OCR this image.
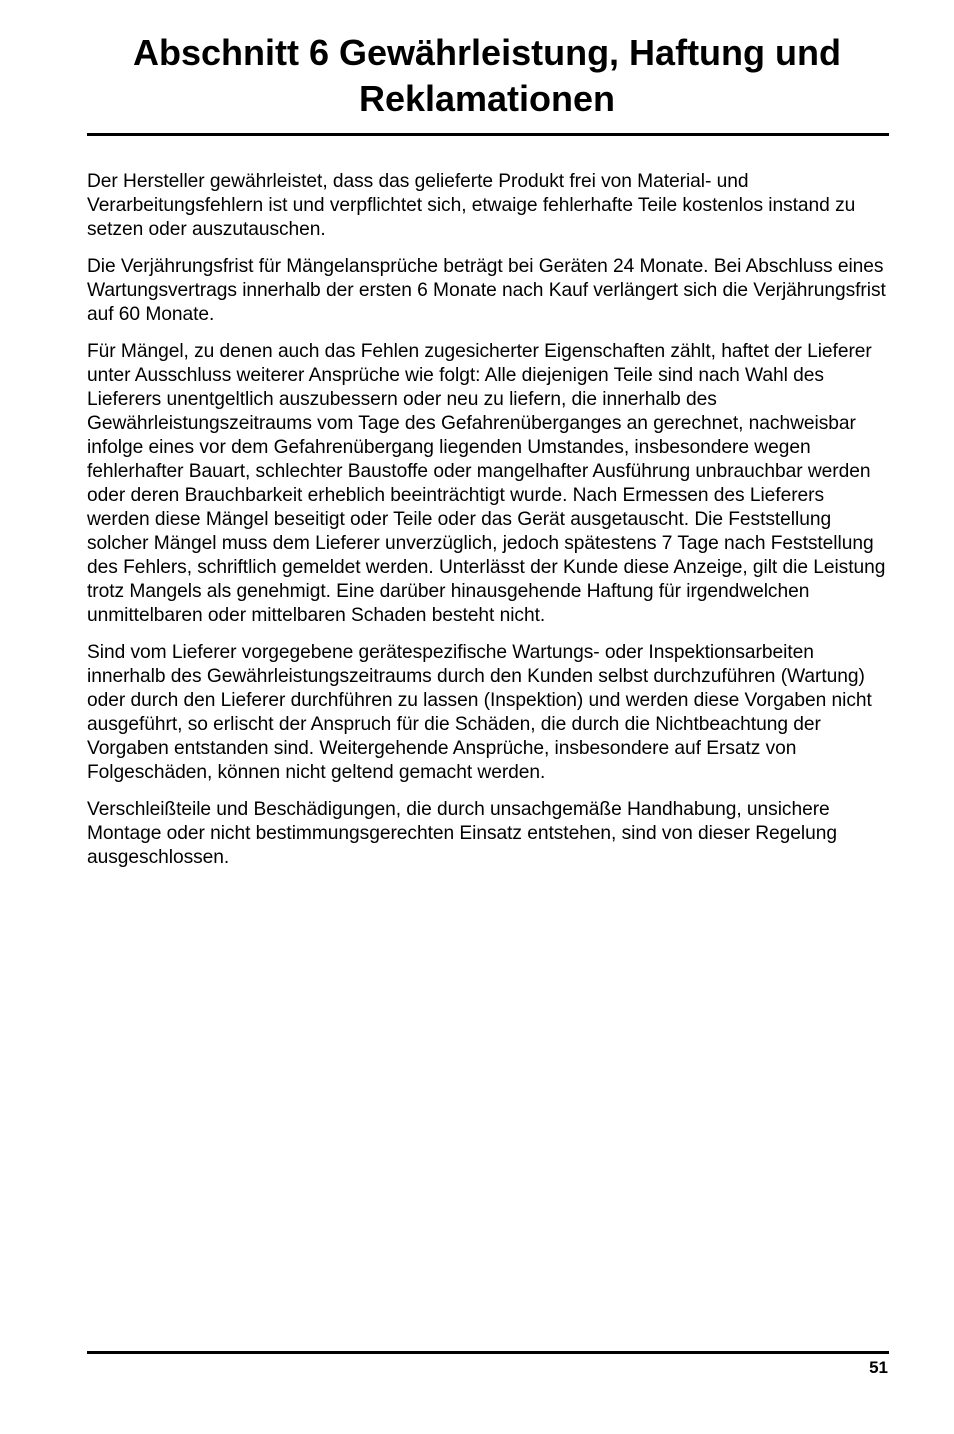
Abschnitt 6 Gewährleistung, Haftung und
Reklamationen

Der Hersteller gewährleistet, dass das gelieferte Produkt frei von Material- und Verarbeitungsfehlern ist und verpflichtet sich, etwaige fehlerhafte Teile kostenlos instand zu setzen oder auszutauschen.

Die Verjährungsfrist für Mängelansprüche beträgt bei Geräten 24 Monate. Bei Abschluss eines Wartungsvertrags innerhalb der ersten 6 Monate nach Kauf verlängert sich die Verjährungsfrist auf 60 Monate.

Für Mängel, zu denen auch das Fehlen zugesicherter Eigenschaften zählt, haftet der Lieferer unter Ausschluss weiterer Ansprüche wie folgt: Alle diejenigen Teile sind nach Wahl des Lieferers unentgeltlich auszubessern oder neu zu liefern, die innerhalb des Gewährleistungszeitraums vom Tage des Gefahrenüberganges an gerechnet, nachweisbar infolge eines vor dem Gefahrenübergang liegenden Umstandes, insbesondere wegen fehlerhafter Bauart, schlechter Baustoffe oder mangelhafter Ausführung unbrauchbar werden oder deren Brauchbarkeit erheblich beeinträchtigt wurde. Nach Ermessen des Lieferers werden diese Mängel beseitigt oder Teile oder das Gerät ausgetauscht. Die Feststellung solcher Mängel muss dem Lieferer unverzüglich, jedoch spätestens 7 Tage nach Feststellung des Fehlers, schriftlich gemeldet werden. Unterlässt der Kunde diese Anzeige, gilt die Leistung trotz Mangels als genehmigt. Eine darüber hinausgehende Haftung für irgendwelchen unmittelbaren oder mittelbaren Schaden besteht nicht.

Sind vom Lieferer vorgegebene gerätespezifische Wartungs- oder Inspektionsarbeiten innerhalb des Gewährleistungszeitraums durch den Kunden selbst durchzuführen (Wartung) oder durch den Lieferer durchführen zu lassen (Inspektion) und werden diese Vorgaben nicht ausgeführt, so erlischt der Anspruch für die Schäden, die durch die Nichtbeachtung der Vorgaben entstanden sind. Weitergehende Ansprüche, insbesondere auf Ersatz von Folgeschäden, können nicht geltend gemacht werden.

Verschleißteile und Beschädigungen, die durch unsachgemäße Handhabung, unsichere Montage oder nicht bestimmungsgerechten Einsatz entstehen, sind von dieser Regelung ausgeschlossen.

51
